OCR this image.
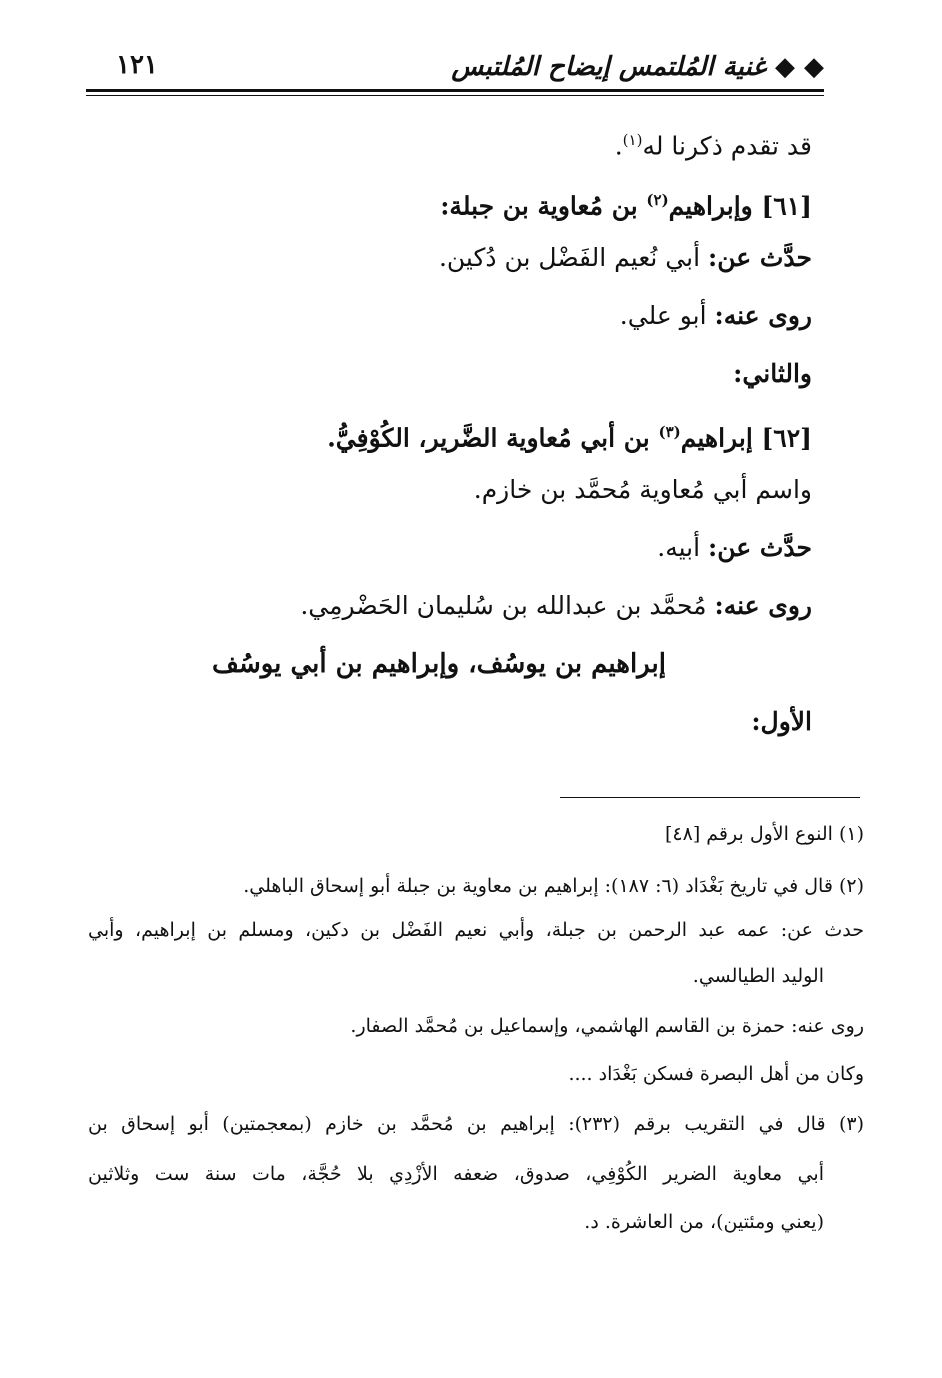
◆ ◆ غنية المُلتمس إيضاح المُلتبس
١٢١
قد تقدم ذكرنا له$^{(١)}$.
[٦١] وإبراهيم$^{(٢)}$ بن مُعاوية بن جبلة:
حدَّث عن: أبي نُعيم الفَضْل بن دُكين.
روى عنه: أبو علي.
والثاني:
[٦٢] إبراهيم$^{(٣)}$ بن أبي مُعاوية الضَّرير، الكُوْفِيُّ.
واسم أبي مُعاوية مُحمَّد بن خازم.
حدَّث عن: أبيه.
روى عنه: مُحمَّد بن عبدالله بن سُليمان الحَضْرمِي.
إبراهيم بن يوسُف، وإبراهيم بن أبي يوسُف
الأول:
(١) النوع الأول برقم [٤٨]
(٢) قال في تاريخ بَغْدَاد (٦: ١٨٧): إبراهيم بن معاوية بن جبلة أبو إسحاق الباهلي.
حدث عن: عمه عبد الرحمن بن جبلة، وأبي نعيم الفَضْل بن دكين، ومسلم بن إبراهيم، وأبي
الوليد الطيالسي.
روى عنه: حمزة بن القاسم الهاشمي، وإسماعيل بن مُحمَّد الصفار.
وكان من أهل البصرة فسكن بَغْدَاد ....
(٣) قال في التقريب برقم (٢٣٢): إبراهيم بن مُحمَّد بن خازم (بمعجمتين) أبو إسحاق بن
أبي معاوية الضرير الكُوْفِي، صدوق، ضعفه الأزْدِي بلا حُجَّة، مات سنة ست وثلاثين
(يعني ومئتين)، من العاشرة. د.
